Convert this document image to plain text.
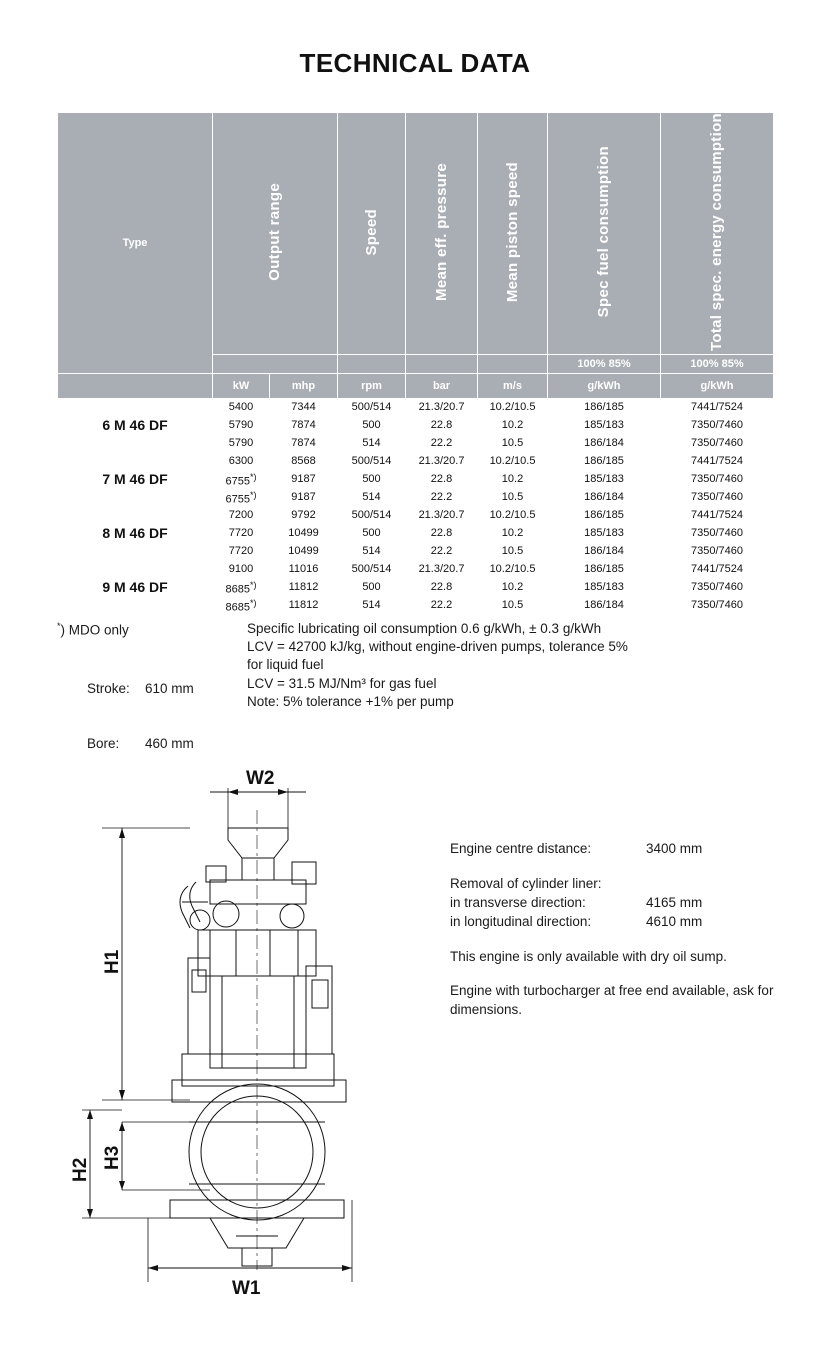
TECHNICAL DATA
Type	Output range		Speed	Mean eff. pressure	Mean piston speed	Spec fuel consumption	Total spec. energy consumption
						100% 85%	100% 85%
	kW	mhp	rpm	bar	m/s	g/kWh	g/kWh
6 M 46 DF	5400	7344	500/514	21.3/20.7	10.2/10.5	186/185	7441/7524
	5790	7874	500	22.8	10.2	185/183	7350/7460
	5790	7874	514	22.2	10.5	186/184	7350/7460
7 M 46 DF	6300	8568	500/514	21.3/20.7	10.2/10.5	186/185	7441/7524
	6755*)	9187	500	22.8	10.2	185/183	7350/7460
	6755*)	9187	514	22.2	10.5	186/184	7350/7460
8 M 46 DF	7200	9792	500/514	21.3/20.7	10.2/10.5	186/185	7441/7524
	7720	10499	500	22.8	10.2	185/183	7350/7460
	7720	10499	514	22.2	10.5	186/184	7350/7460
9 M 46 DF	9100	11016	500/514	21.3/20.7	10.2/10.5	186/185	7441/7524
	8685*)	11812	500	22.8	10.2	185/183	7350/7460
	8685*)	11812	514	22.2	10.5	186/184	7350/7460
*) MDO only

Stroke: 610 mm

Bore: 460 mm

Specific lubricating oil consumption 0.6 g/kWh, ± 0.3 g/kWh
LCV = 42700 kJ/kg, without engine-driven pumps, tolerance 5%
for liquid fuel
LCV = 31.5 MJ/Nm³ for gas fuel
Note: 5% tolerance +1% per pump
W2
H1
H3
H2
W1

Engine centre distance:	3400 mm

Removal of cylinder liner:
in transverse direction:	4165 mm
in longitudinal direction:	4610 mm

This engine is only available with dry oil sump.

Engine with turbocharger at free end available, ask for dimensions.
